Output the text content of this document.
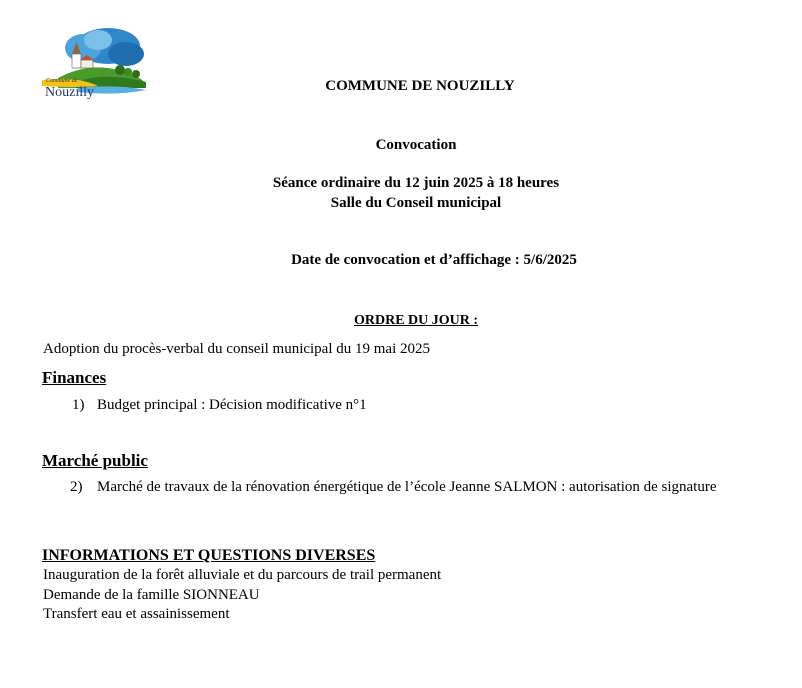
Commune de
Nouzilly	COMMUNE DE NOUZILLY
Convocation
Séance ordinaire du 12 juin 2025 à 18 heures
Salle du Conseil municipal
Date de convocation et d’affichage : 5/6/2025
ORDRE DU JOUR :
Adoption du procès-verbal du conseil municipal du 19 mai 2025
Finances
1) Budget principal : Décision modificative n°1
Marché public
2) Marché de travaux de la rénovation énergétique de l’école Jeanne SALMON : autorisation de signature
INFORMATIONS ET QUESTIONS DIVERSES
Inauguration de la forêt alluviale et du parcours de trail permanent
Demande de la famille SIONNEAU
Transfert eau et assainissement
